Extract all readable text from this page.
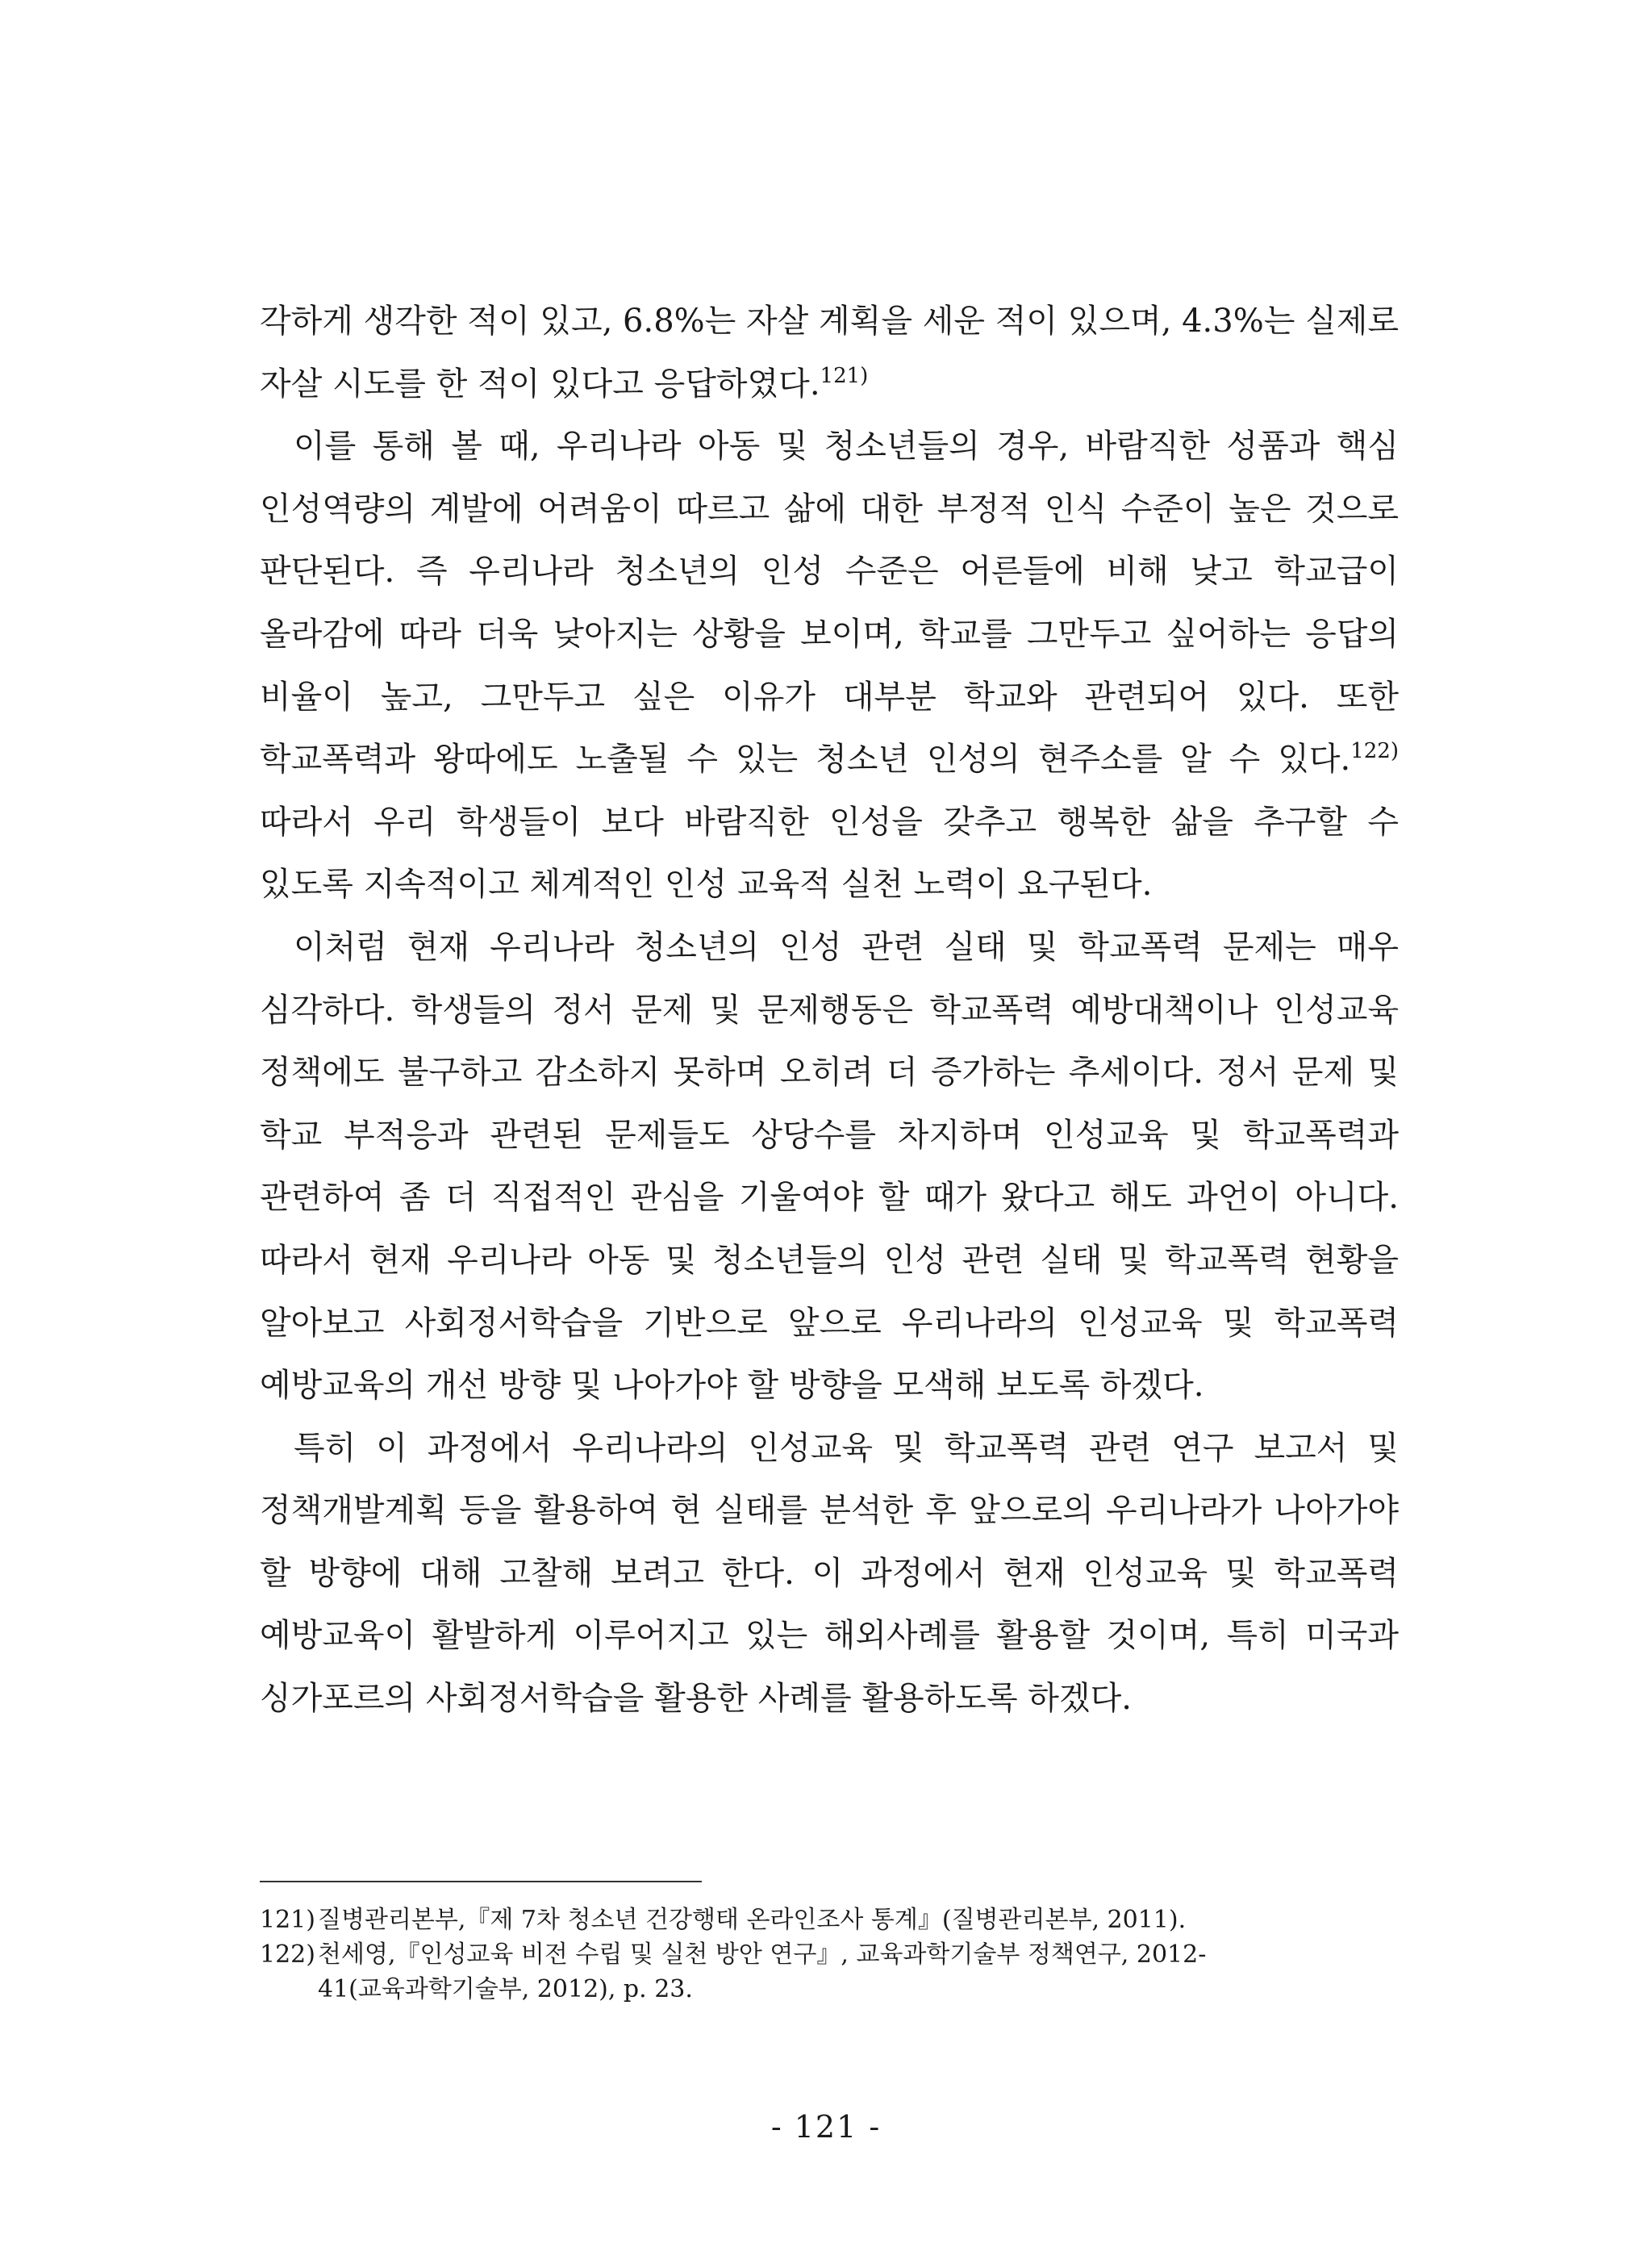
각하게 생각한 적이 있고, 6.8%는 자살 계획을 세운 적이 있으며, 4.3%는 실제로 자살 시도를 한 적이 있다고 응답하였다.$^{121)}$

이를 통해 볼 때, 우리나라 아동 및 청소년들의 경우, 바람직한 성품과 핵심 인성역량의 계발에 어려움이 따르고 삶에 대한 부정적 인식 수준이 높은 것으로 판단된다. 즉 우리나라 청소년의 인성 수준은 어른들에 비해 낮고 학교급이 올라감에 따라 더욱 낮아지는 상황을 보이며, 학교를 그만두고 싶어하는 응답의 비율이 높고, 그만두고 싶은 이유가 대부분 학교와 관련되어 있다. 또한 학교폭력과 왕따에도 노출될 수 있는 청소년 인성의 현주소를 알 수 있다.$^{122)}$ 따라서 우리 학생들이 보다 바람직한 인성을 갖추고 행복한 삶을 추구할 수 있도록 지속적이고 체계적인 인성 교육적 실천 노력이 요구된다.

이처럼 현재 우리나라 청소년의 인성 관련 실태 및 학교폭력 문제는 매우 심각하다. 학생들의 정서 문제 및 문제행동은 학교폭력 예방대책이나 인성교육 정책에도 불구하고 감소하지 못하며 오히려 더 증가하는 추세이다. 정서 문제 및 학교 부적응과 관련된 문제들도 상당수를 차지하며 인성교육 및 학교폭력과 관련하여 좀 더 직접적인 관심을 기울여야 할 때가 왔다고 해도 과언이 아니다. 따라서 현재 우리나라 아동 및 청소년들의 인성 관련 실태 및 학교폭력 현황을 알아보고 사회정서학습을 기반으로 앞으로 우리나라의 인성교육 및 학교폭력 예방교육의 개선 방향 및 나아가야 할 방향을 모색해 보도록 하겠다.

특히 이 과정에서 우리나라의 인성교육 및 학교폭력 관련 연구 보고서 및 정책개발계획 등을 활용하여 현 실태를 분석한 후 앞으로의 우리나라가 나아가야 할 방향에 대해 고찰해 보려고 한다. 이 과정에서 현재 인성교육 및 학교폭력 예방교육이 활발하게 이루어지고 있는 해외사례를 활용할 것이며, 특히 미국과 싱가포르의 사회정서학습을 활용한 사례를 활용하도록 하겠다.

121) 질병관리본부,『제 7차 청소년 건강행태 온라인조사 통계』(질병관리본부, 2011).
122) 천세영,『인성교육 비전 수립 및 실천 방안 연구』, 교육과학기술부 정책연구, 2012-41(교육과학기술부, 2012), p. 23.
- 121 -
